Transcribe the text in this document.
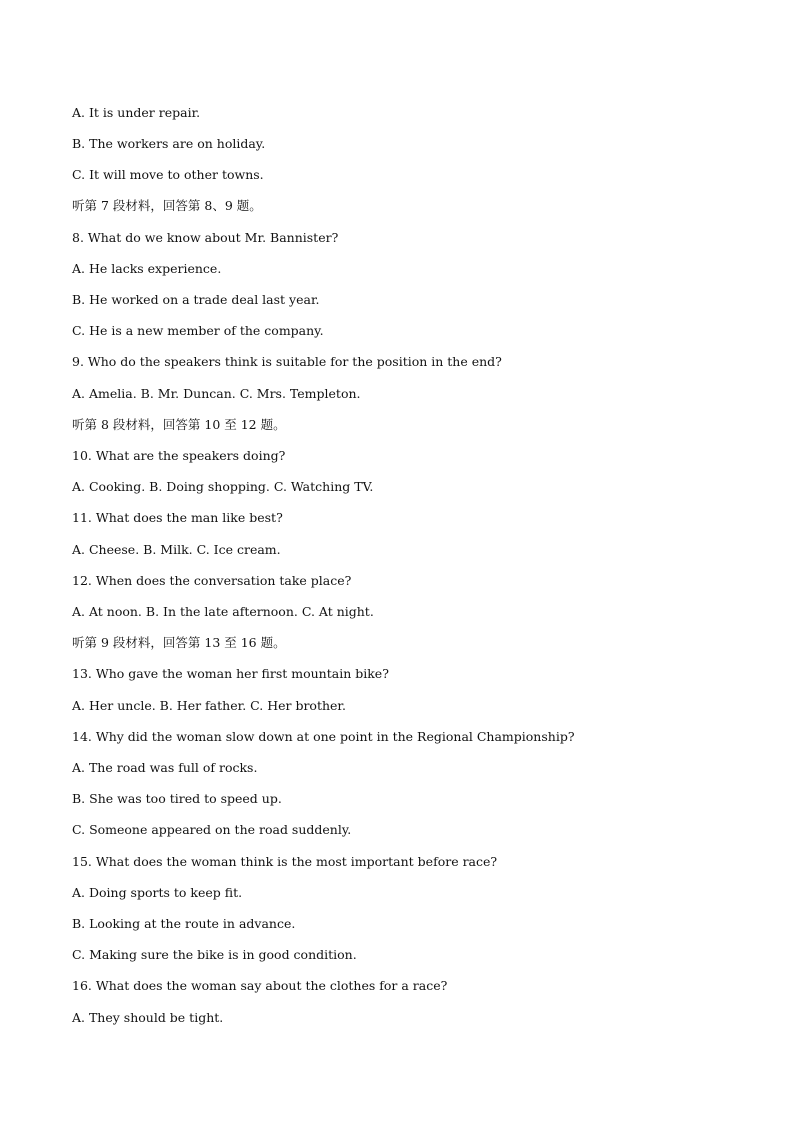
A. It is under repair.
B. The workers are on holiday.
C. It will move to other towns.
听第 7 段材料，回答第 8、9 题。
8. What do we know about Mr. Bannister?
A. He lacks experience.
B. He worked on a trade deal last year.
C. He is a new member of the company.
9. Who do the speakers think is suitable for the position in the end?
A. Amelia. B. Mr. Duncan. C. Mrs. Templeton.
听第 8 段材料，回答第 10 至 12 题。
10. What are the speakers doing?
A. Cooking. B. Doing shopping. C. Watching TV.
11. What does the man like best?
A. Cheese. B. Milk. C. Ice cream.
12. When does the conversation take place?
A. At noon. B. In the late afternoon. C. At night.
听第 9 段材料，回答第 13 至 16 题。
13. Who gave the woman her first mountain bike?
A. Her uncle. B. Her father. C. Her brother.
14. Why did the woman slow down at one point in the Regional Championship?
A. The road was full of rocks.
B. She was too tired to speed up.
C. Someone appeared on the road suddenly.
15. What does the woman think is the most important before race?
A. Doing sports to keep fit.
B. Looking at the route in advance.
C. Making sure the bike is in good condition.
16. What does the woman say about the clothes for a race?
A. They should be tight.
